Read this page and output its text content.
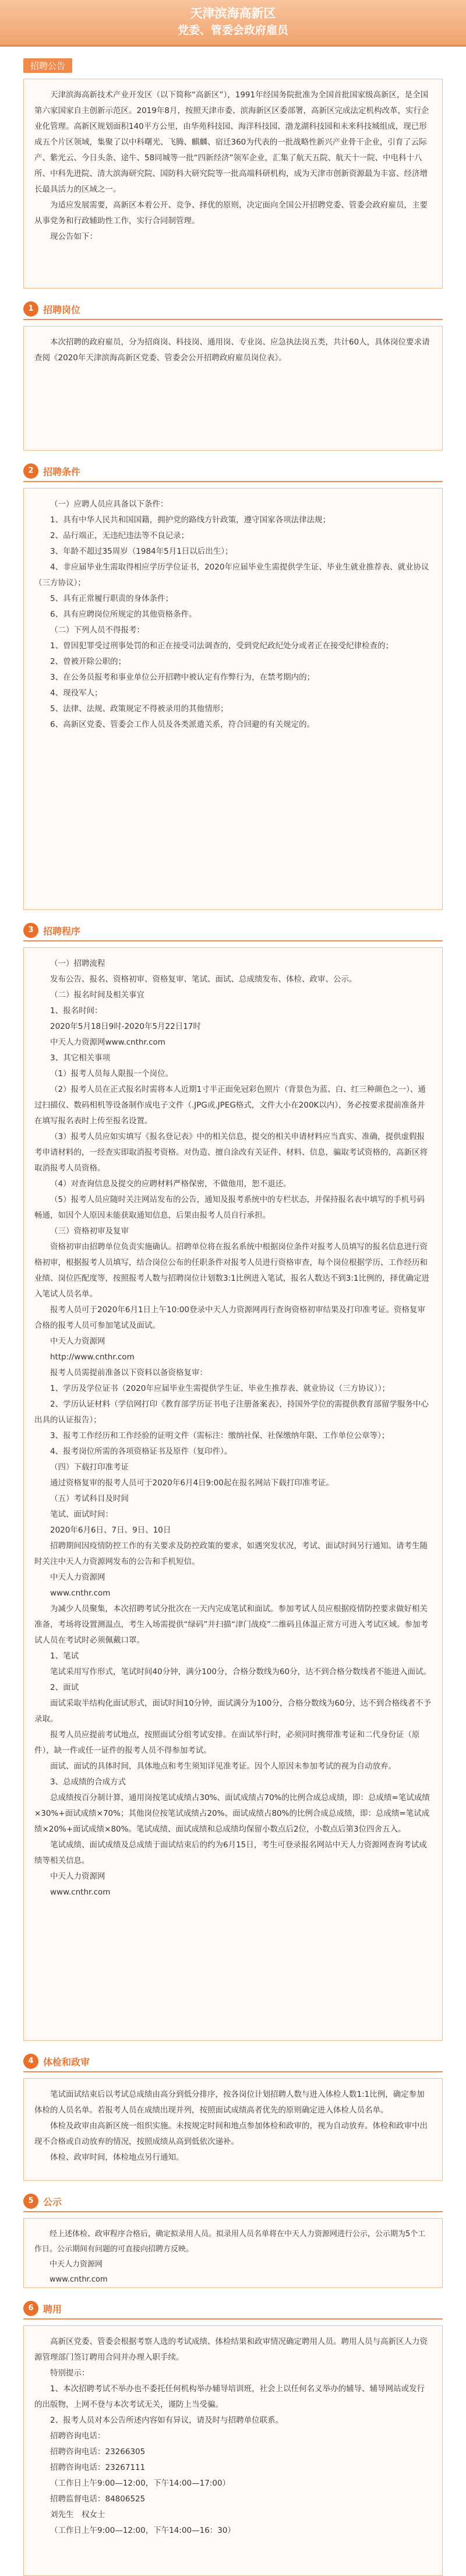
天津滨海高新区
党委、管委会政府雇员
招聘公告

天津滨海高新技术产业开发区（以下简称“高新区”），1991年经国务院批准为全国首批国家级高新区，是全国第六家国家自主创新示范区。2019年8月，按照天津市委、滨海新区区委部署，高新区完成法定机构改革，实行企业化管理。高新区规划面积140平方公里，由华苑科技园、海洋科技园、渤龙湖科技园和未来科技城组成，现已形成五个片区领域，集聚了以中科曙光、飞腾、麒麟、宿迁360为代表的一批战略性新兴产业骨干企业，引育了云际产、紫光云、今日头条、途牛、58同城等一批“四新经济”领军企业，汇集了航天五院、航天十一院、中电科十八所、中科先进院、清大滨海研究院、国防科大研究院等一批高端科研机构，成为天津市创新资源最为丰富、经济增长最具活力的区域之一。

为适应发展需要，高新区本着公开、竞争、择优的原则，决定面向全国公开招聘党委、管委会政府雇员，主要从事党务和行政辅助性工作，实行合同制管理。

现公告如下：

1	招聘岗位

本次招聘的政府雇员，分为招商岗、科技岗、通用岗、专业岗、应急执法岗五类，共计60人，具体岗位要求请查阅《2020年天津滨海高新区党委、管委会公开招聘政府雇员岗位表》。

2	招聘条件

（一）应聘人员应具备以下条件：

1、具有中华人民共和国国籍，拥护党的路线方针政策，遵守国家各项法律法规；

2、品行端正，无违纪违法等不良记录；

3、年龄不超过35周岁（1984年5月1日以后出生）；

4、非应届毕业生需取得相应学历学位证书，2020年应届毕业生需提供学生证、毕业生就业推荐表、就业协议（三方协议）；

5、具有正常履行职责的身体条件；

6、具有应聘岗位所规定的其他资格条件。

（二）下列人员不得报考：

1、曾因犯罪受过刑事处罚的和正在接受司法调查的，受到党纪政纪处分或者正在接受纪律检查的；

2、曾被开除公职的；

3、在公务员报考和事业单位公开招聘中被认定有作弊行为，在禁考期内的；

4、现役军人；

5、法律、法规、政策规定不得被录用的其他情形；

6、高新区党委、管委会工作人员及各类派遣关系，符合回避的有关规定的。

3	招聘程序

（一）招聘流程

发布公告、报名、资格初审、资格复审、笔试、面试、总成绩发布、体检、政审、公示。

（二）报名时间及相关事宜

1、报名时间：

2020年5月18日9时-2020年5月22日17时

中天人力资源网www.cnthr.com

3、其它相关事项

（1）报考人员每人限报一个岗位。

（2）报考人员在正式报名时需将本人近期1寸半正面免冠彩色照片（背景色为蓝、白、红三种颜色之一）、通过扫描仪、数码相机等设备制作成电子文件（.JPG或.JPEG格式，文件大小在200K以内），务必按要求提前准备并在填写报名表时上传至报名设置。

（3）报考人员应如实填写《报名登记表》中的相关信息，提交的相关申请材料应当真实、准确，提供虚假报考申请材料的，一经查实即取消报考资格。对伪造、擅自涂改有关证件、材料、信息，骗取考试资格的，高新区将取消报考人员资格。

（4）对查询信息及提交的应聘材料严格保密，不做他用，恕不退还。

（5）报考人员应随时关注网站发布的公告，通知及报考系统中的专栏状态，并保持报名表中填写的手机号码畅通，如因个人原因未能获取通知信息，后果由报考人员自行承担。

（三）资格初审及复审

资格初审由招聘单位负责实施确认。招聘单位将在报名系统中根据岗位条件对报考人员填写的报名信息进行资格初审，根据报考人员填写，结合岗位公布的任职条件对报考人员进行资格审查，每个岗位根据学历、工作经历和业绩、岗位匹配度等，按照报考人数与招聘岗位计划数3:1比例进入笔试，报名人数达不到3:1比例的，择优确定进入笔试人员名单。

报考人员可于2020年6月1日上午10:00登录中天人力资源网再行查询资格初审结果及打印准考证。资格复审合格的报考人员可参加笔试及面试。

中天人力资源网

http://www.cnthr.com

报考人员需提前准备以下资料以备资格复审：

1、学历及学位证书（2020年应届毕业生需提供学生证、毕业生推荐表、就业协议（三方协议））；

2、学历认证材料（学信网打印《教育部学历证书电子注册备案表》，持国外学位的需提供教育部留学服务中心出具的认证报告）；

3、报考工作经历和工作经验的证明文件（需标注：缴纳社保、社保缴纳年限、工作单位公章等）；

4、报考岗位所需的各项资格证书及原件（复印件）。

（四）下载打印准考证

通过资格复审的报考人员可于2020年6月4日9:00起在报名网站下载打印准考证。

（五）考试科目及时间

笔试、面试时间：

2020年6月6日、7日、9日、10日

招聘期间因疫情防控工作的有关要求及防控政策的要求，如遇突发状况，考试、面试时间另行通知。请考生随时关注中天人力资源网发布的公告和手机短信。

中天人力资源网

www.cnthr.com

为减少人员聚集，本次招聘考试分批次在一天内完成笔试和面试。参加考试人员应根据疫情防控要求做好相关准备，考场将设置测温点，考生入场需提供“绿码”并扫描“津门战疫”二维码且体温正常方可进入考试区域。参加考试人员在考试时必须佩戴口罩。

1、笔试

笔试采用写作形式，笔试时间40分钟，满分100分，合格分数线为60分，达不到合格分数线者不能进入面试。

2、面试

面试采取半结构化面试形式，面试时间10分钟，面试满分为100分，合格分数线为60分，达不到合格线者不予录取。

报考人员应提前考试地点，按照面试分组考试安排。在面试举行时，必须同时携带准考证和二代身份证（原件），缺一件或任一证件的报考人员不得参加考试。

面试、面试的具体时间，具体地点和考生须知详见准考证。因个人原因未参加考试的视为自动放弃。

3、总成绩的合成方式

总成绩按百分制计算，通用岗按笔试成绩占30%、面试成绩占70%的比例合成总成绩，即：总成绩=笔试成绩×30%+面试成绩×70%；其他岗位按笔试成绩占20%、面试成绩占80%的比例合成总成绩，即：总成绩=笔试成绩×20%+面试成绩×80%。笔试成绩、面试成绩和总成绩均保留小数点后2位，小数点后第3位四舍五入。

笔试成绩、面试成绩及总成绩于面试结束后的约为6月15日，考生可登录报名网站中天人力资源网查询考试成绩等相关信息。

中天人力资源网

www.cnthr.com

4	体检和政审

笔试面试结束后以考试总成绩由高分到低分排序，按各岗位计划招聘人数与进入体检人数1:1比例，确定参加体检的人员名单。若报考人员在成绩出现并列，按照面试成绩高者优先的原则确定进入体检人员名单。

体检及政审由高新区统一组织实施。未按规定时间和地点参加体检和政审的，视为自动放弃。体检和政审中出现不合格或自动放弃的情况，按照成绩从高到低依次递补。

体检、政审时间，体检地点另行通知。

5	公示

经上述体检、政审程序合格后，确定拟录用人员。拟录用人员名单将在中天人力资源网进行公示，公示期为5个工作日。公示期间有问题的可直接向招聘方反映。

中天人力资源网

www.cnthr.com

6	聘用

高新区党委、管委会根据考察人选的考试成绩、体检结果和政审情况确定聘用人员。聘用人员与高新区人力资源管理部门签订聘用合同并办理入职手续。

特别提示：

1、本次招聘考试不举办也不委托任何机构举办辅导培训班，社会上以任何名义举办的辅导、辅导网站或发行的出版物，上网不登与本次考试无关，谨防上当受骗。

2、报考人员对本公告所述内容如有异议，请及时与招聘单位联系。

招聘咨询电话：

招聘咨询电话：23266305

招聘咨询电话：23267111

（工作日上午9:00—12:00，下午14:00—17:00）

招聘监督电话：84806525

刘先生　权女士

（工作日上午9:00—12:00，下午14:00—16：30）
